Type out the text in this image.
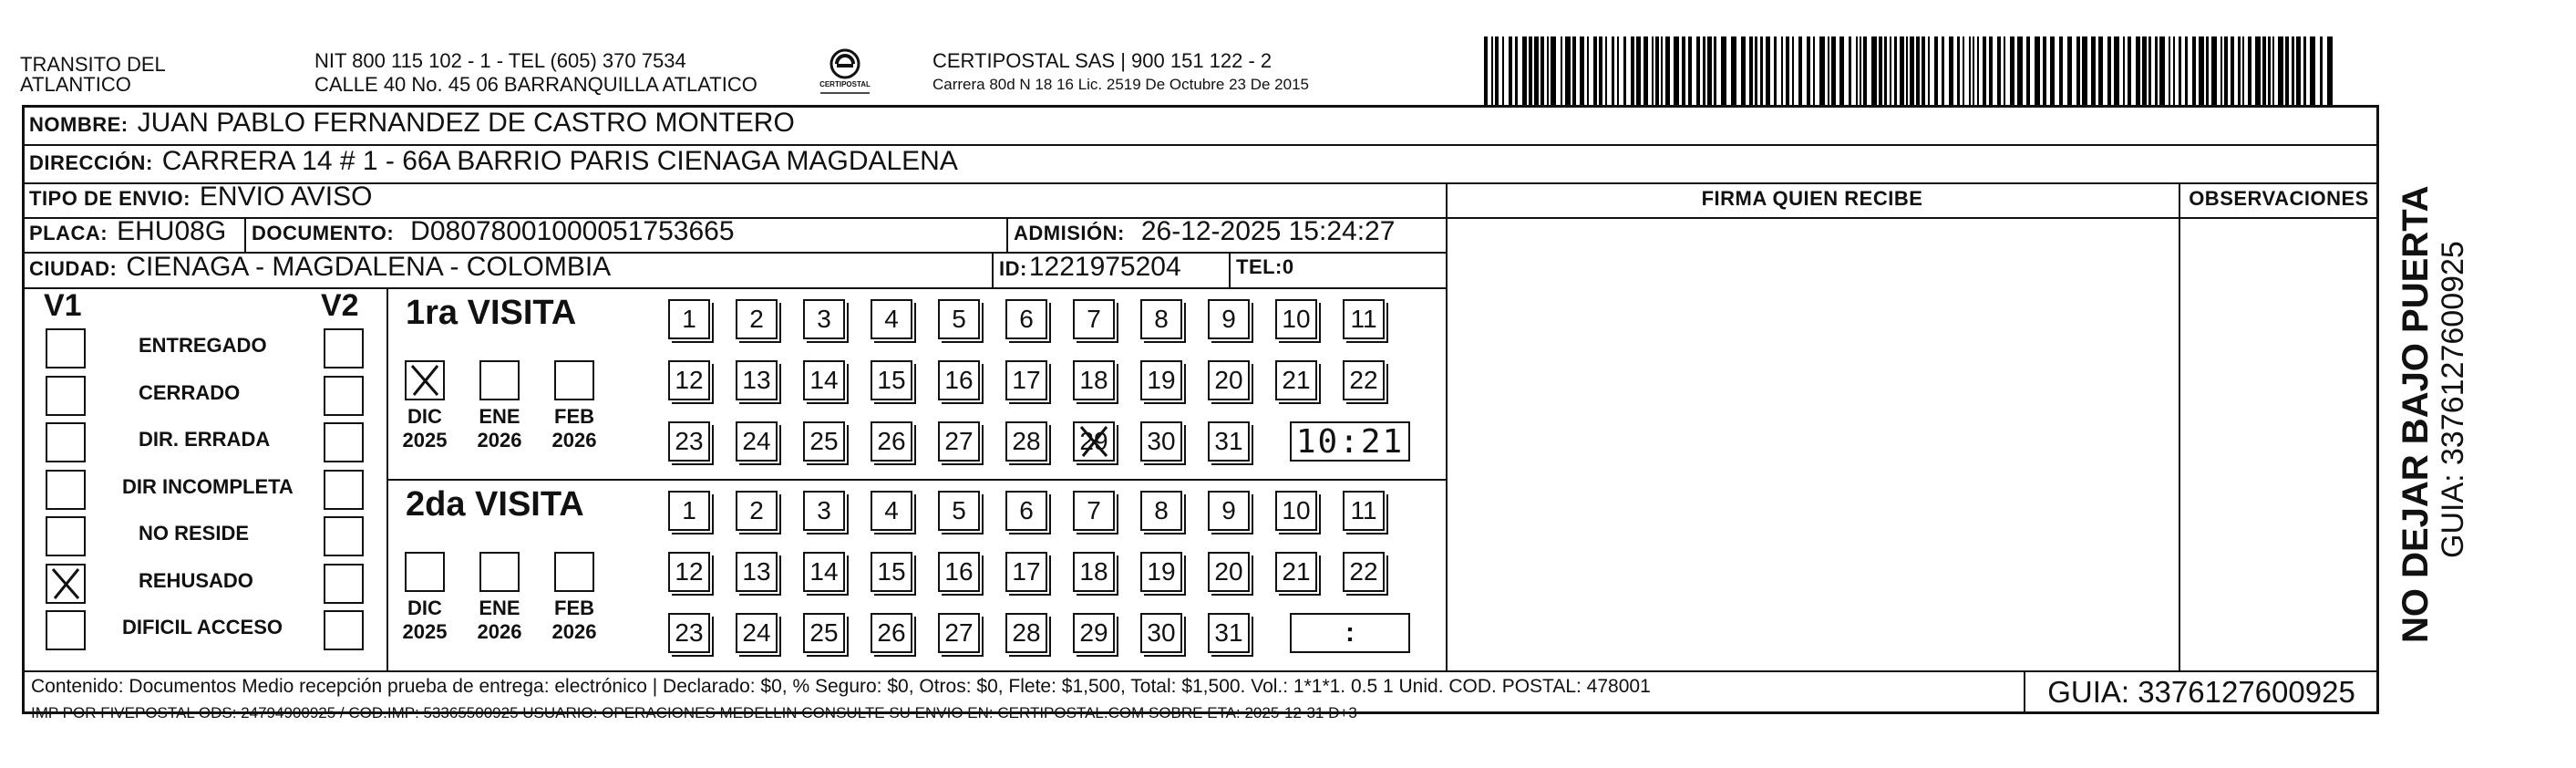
TRANSITO DEL
ATLANTICO
NIT 800 115 102 - 1 - TEL (605) 370 7534
CALLE 40 No. 45 06 BARRANQUILLA ATLATICO	CERTIPOSTAL
CERTIPOSTAL SAS | 900 151 122 - 2
Carrera 80d N 18 16 Lic. 2519 De Octubre 23 De 2015
NOMBRE: JUAN PABLO FERNANDEZ DE CASTRO MONTERO
DIRECCIÓN: CARRERA 14 # 1 - 66A BARRIO PARIS CIENAGA MAGDALENA
TIPO DE ENVIO: ENVIO AVISO
PLACA: EHU08G DOCUMENTO: D08078001000051753665	ADMISIÓN: 26-12-2025 15:24:27
CIUDAD: CIENAGA - MAGDALENA - COLOMBIA	ID: 1221975204	TEL: 0
FIRMA QUIEN RECIBE	OBSERVACIONES
V1	V2
ENTREGADO
CERRADO
DIR. ERRADA
DIR INCOMPLETA
NO RESIDE
REHUSADO
DIFICIL ACCESO
1ra VISITA
DIC
2025
ENE
2026
FEB
2026
1 2 3 4 5 6 7 8 9 10 11
12 13 14 15 16 17 18 19 20 21 22
23 24 25 26 27 28 29 30 31 10:21
2da VISITA
DIC
2025
ENE
2026
FEB
2026
1 2 3 4 5 6 7 8 9 10 11
12 13 14 15 16 17 18 19 20 21 22
23 24 25 26 27 28 29 30 31	:
Contenido: Documentos Medio recepción prueba de entrega: electrónico | Declarado: $0, % Seguro: $0, Otros: $0, Flete: $1,500, Total: $1,500. Vol.: 1*1*1. 0.5 1 Unid. COD. POSTAL: 478001
IMP POR FIVEPOSTAL ODS: 24794900925 / COD.IMP: 53365500925 USUARIO: OPERACIONES MEDELLIN CONSULTE SU ENVIO EN: CERTIPOSTAL.COM SOBRE ETA: 2025-12-31 D+3
GUIA: 3376127600925
NO DEJAR BAJO PUERTA GUIA: 3376127600925
